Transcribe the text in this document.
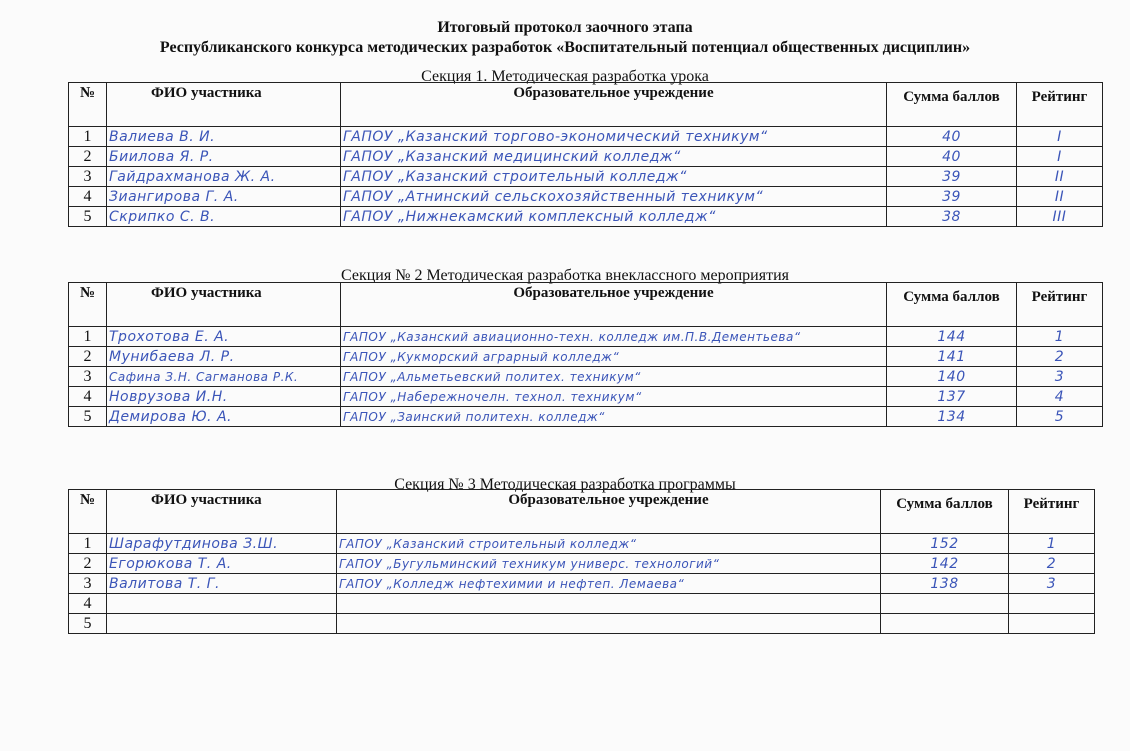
Итоговый протокол заочного этапа
Республиканского конкурса методических разработок «Воспитательный потенциал общественных дисциплин»
Секция 1. Методическая разработка урока
№	ФИО участника	Образовательное учреждение	Сумма баллов	Рейтинг
1	Валиева В. И.	ГАПОУ „Казанский торгово-экономический техникум“	40	I
2	Биилова Я. Р.	ГАПОУ „Казанский медицинский колледж“	40	I
3	Гайдрахманова Ж. А.	ГАПОУ „Казанский строительный колледж“	39	II
4	Зиангирова Г. А.	ГАПОУ „Атнинский сельскохозяйственный техникум“	39	II
5	Скрипко С. В.	ГАПОУ „Нижнекамский комплексный колледж“	38	III
Секция № 2 Методическая разработка внеклассного мероприятия
№	ФИО участника	Образовательное учреждение	Сумма баллов	Рейтинг
1	Трохотова Е. А.	ГАПОУ „Казанский авиационно-техн. колледж им.П.В.Дементьева“	144	1
2	Мунибаева Л. Р.	ГАПОУ „Кукморский аграрный колледж“	141	2
3	Сафина З.Н. Сагманова Р.К.	ГАПОУ „Альметьевский политех. техникум“	140	3
4	Новрузова И.Н.	ГАПОУ „Набережночелн. технол. техникум“	137	4
5	Демирова Ю. А.	ГАПОУ „Заинский политехн. колледж“	134	5
Секция № 3 Методическая разработка программы
№	ФИО участника	Образовательное учреждение	Сумма баллов	Рейтинг
1	Шарафутдинова З.Ш.	ГАПОУ „Казанский строительный колледж“	152	1
2	Егорюкова Т. А.	ГАПОУ „Бугульминский техникум универс. технологий“	142	2
3	Валитова Т. Г.	ГАПОУ „Колледж нефтехимии и нефтеп. Лемаева“	138	3
4				
5				
